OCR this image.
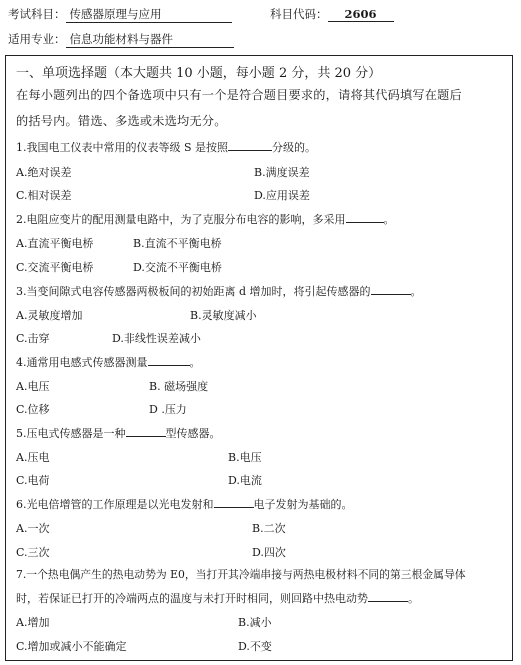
考试科目： 传感器原理与应用	科目代码： 2606
适用专业： 信息功能材料与器件
一、单项选择题（本大题共 10 小题，每小题 2 分，共 20 分）
在每小题列出的四个备选项中只有一个是符合题目要求的，请将其代码填写在题后
的括号内。错选、多选或未选均无分。
1.我国电工仪表中常用的仪表等级 S 是按照	分级的。
A.绝对误差	B.满度误差
C.相对误差	D.应用误差
2.电阻应变片的配用测量电路中，为了克服分布电容的影响，多采用	。
A.直流平衡电桥	B.直流不平衡电桥
C.交流平衡电桥	D.交流不平衡电桥
3.当变间隙式电容传感器两极板间的初始距离 d 增加时，将引起传感器的	。
A.灵敏度增加	B.灵敏度减小
C.击穿	D.非线性误差减小
4.通常用电感式传感器测量	。
A.电压	B. 磁场强度
C.位移	D .压力
5.压电式传感器是一种	型传感器。
A.压电	B.电压
C.电荷	D.电流
6.光电倍增管的工作原理是以光电发射和	电子发射为基础的。
A.一次	B.二次
C.三次	D.四次
7.一个热电偶产生的热电动势为 E0，当打开其冷端串接与两热电极材料不同的第三根金属导体
时，若保证已打开的冷端两点的温度与未打开时相同，则回路中热电动势	。
A.增加	B.减小
C.增加或减小不能确定	D.不变
